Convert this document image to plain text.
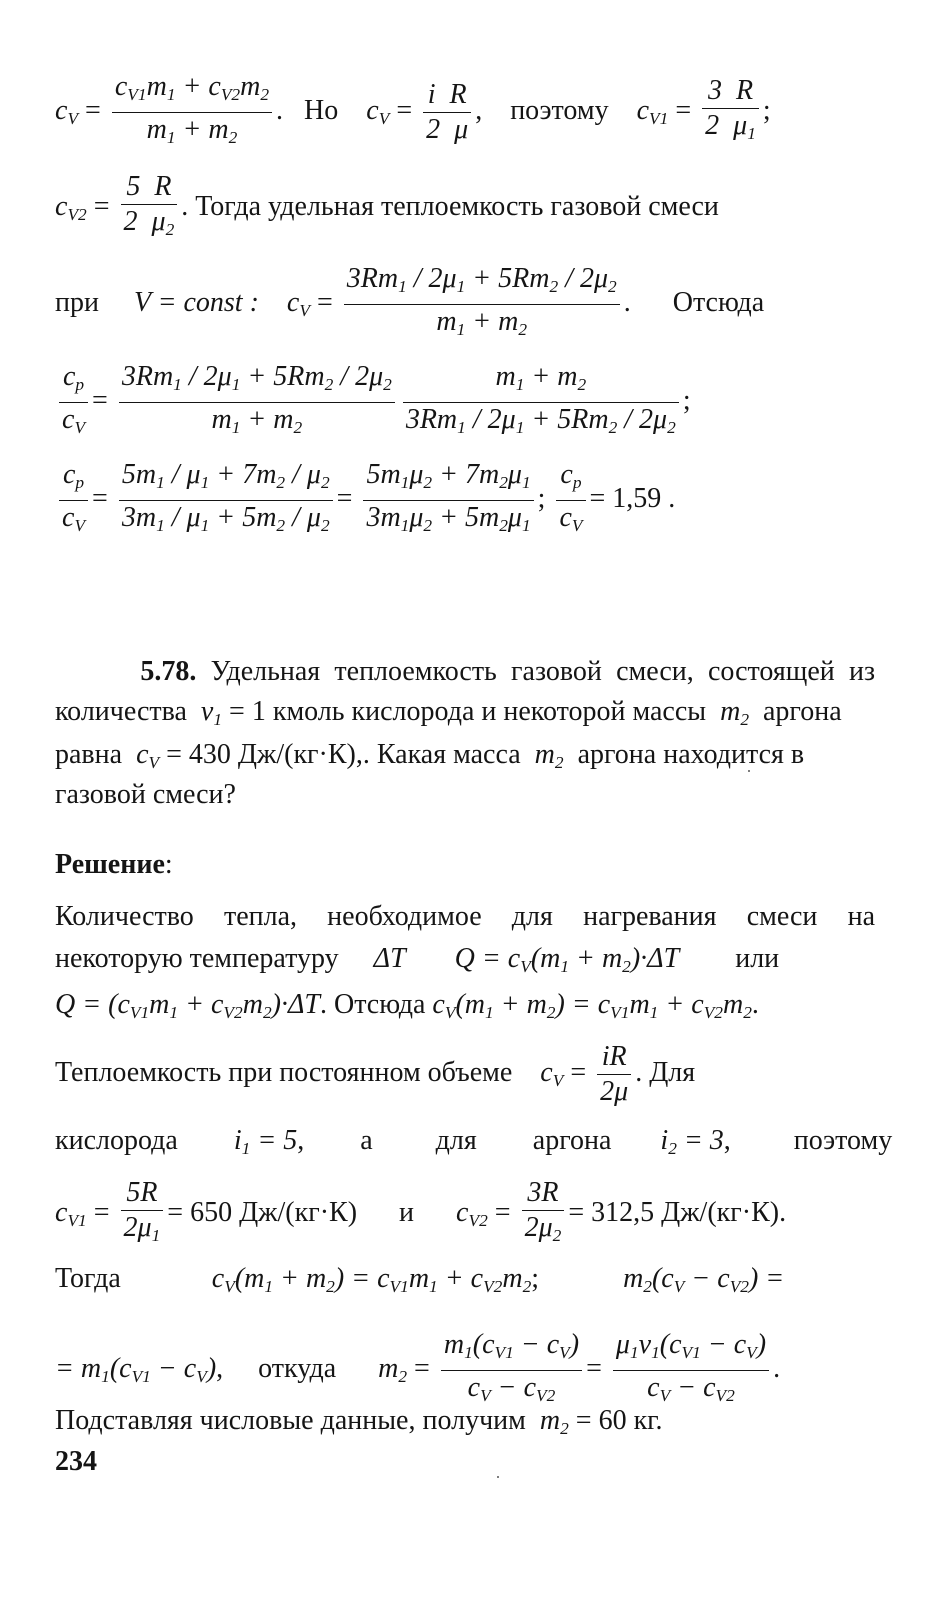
$c_V = \frac{c_{V1}m_1 + c_{V2}m_2}{m_1 + m_2}$ .   Но $c_V = \frac{\text{i  R}}{2 \mu}$ ,    поэтому $c_{V1} = \frac{3 R}{2 \mu_1}$ ;
$c_{V2} = \frac{5 R}{2 \mu_2}$ . Тогда удельная теплоемкость газовой смеси
при V = const : $c_V = \frac{3Rm_1 / 2\mu_1 + 5Rm_2 / 2\mu_2}{m_1 + m_2}$ .      Отсюда
$\frac{c_p}{c_V} = \frac{3Rm_1 / 2\mu_1 + 5Rm_2 / 2\mu_2}{m_1 + m_2} \frac{m_1 + m_2}{3Rm_1 / 2\mu_1 + 5Rm_2 / 2\mu_2}$ ;
$\frac{c_p}{c_V} = \frac{5m_1 / \mu_1 + 7m_2 / \mu_2}{3m_1 / \mu_1 + 5m_2 / \mu_2} = \frac{5m_1\mu_2 + 7m_2\mu_1}{3m_1\mu_2 + 5m_2\mu_1}$ ; $\frac{c_p}{c_V} = 1,59$ .
5.78. Удельная теплоемкость газовой смеси, состоящей из
количества $\nu_1 = 1$ кмоль кислорода и некоторой массы $m_2$ аргона
равна $c_V = 430$ Дж/(кг·К),. Какая масса $m_2$ аргона находится в
газовой смеси?
Решение:
Количество тепла, необходимое для нагревания смеси на
некоторую температуру ΔT $Q = c_V(m_1 + m_2)\cdot\Delta T$ или
$Q = (c_{V1}m_1 + c_{V2}m_2)\cdot\Delta T$. Отсюда $c_V(m_1 + m_2) = c_{V1}m_1 + c_{V2}m_2$.
Теплоемкость при постоянном объеме $c_V = \frac{iR}{2\mu}$ . Для
кислорода $i_1 = 5$,        а для аргона $i_2 = 3$,         поэтому
$c_{V1} = \frac{5R}{2\mu_1} = 650$ Дж/(кг·К) и $c_{V2} = \frac{3R}{2\mu_2} = 312,5$ Дж/(кг·К).
Тогда	$c_V(m_1 + m_2) = c_{V1}m_1 + c_{V2}m_2$;            $m_2(c_V - c_{V2})$ =
= $m_1(c_{V1} - c_V)$,     откуда $m_2 = \frac{m_1(c_{V1} - c_V)}{c_V - c_{V2}} = \frac{\mu_1\nu_1(c_{V1} - c_V)}{c_V - c_{V2}}$ .
Подставляя числовые данные, получим $m_2 = 60$ кг.
234
